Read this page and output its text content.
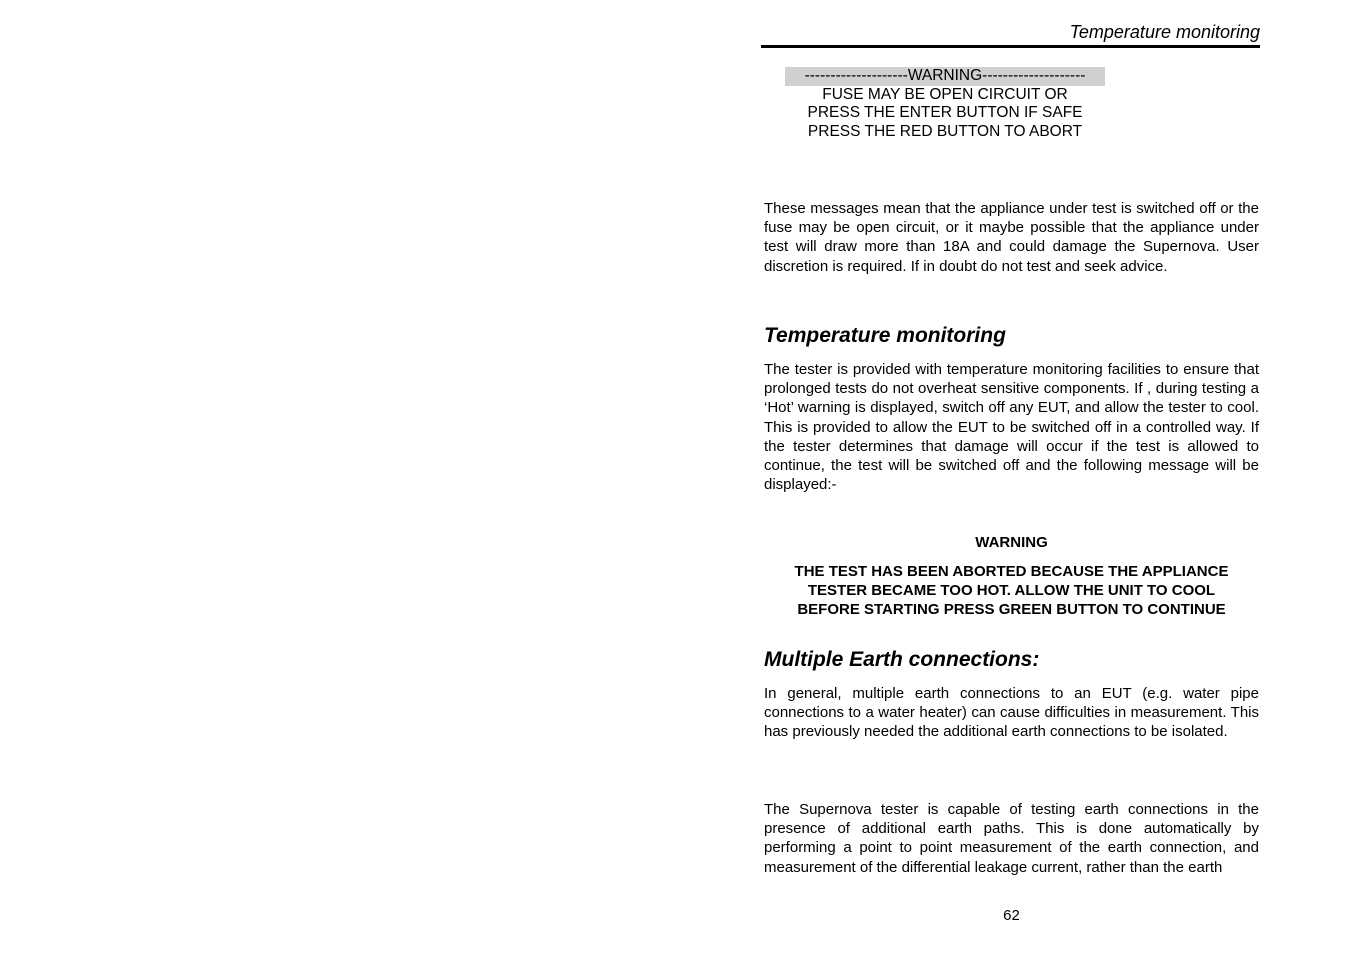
Temperature monitoring
--------------------WARNING--------------------
FUSE MAY BE OPEN CIRCUIT OR
PRESS THE ENTER BUTTON IF SAFE
PRESS THE RED BUTTON TO ABORT

These messages mean that the appliance under test is switched off or the fuse may be open circuit, or it maybe possible that the appliance under test will draw more than 18A and could damage the Supernova. User discretion is required. If in doubt do not test and seek advice.

Temperature monitoring

The tester is provided with temperature monitoring facilities to ensure that prolonged tests do not overheat sensitive components. If , during testing a ‘Hot’ warning is displayed, switch off any EUT, and allow the tester to cool. This is provided to allow the EUT to be switched off in a controlled way. If the tester determines that damage will occur if the test is allowed to continue, the test will be switched off and the following message will be displayed:-

WARNING

THE TEST HAS BEEN ABORTED BECAUSE THE APPLIANCE
TESTER BECAME TOO HOT. ALLOW THE UNIT TO COOL
BEFORE STARTING PRESS GREEN BUTTON TO CONTINUE
Multiple Earth connections:

In general, multiple earth connections to an EUT (e.g. water pipe connections to a water heater) can cause difficulties in measurement. This has previously needed the additional earth connections to be isolated.

The Supernova tester is capable of testing earth connections in the presence of additional earth paths. This is done automatically by performing a point to point measurement of the earth connection, and measurement of the differential leakage current, rather than the earth

62
